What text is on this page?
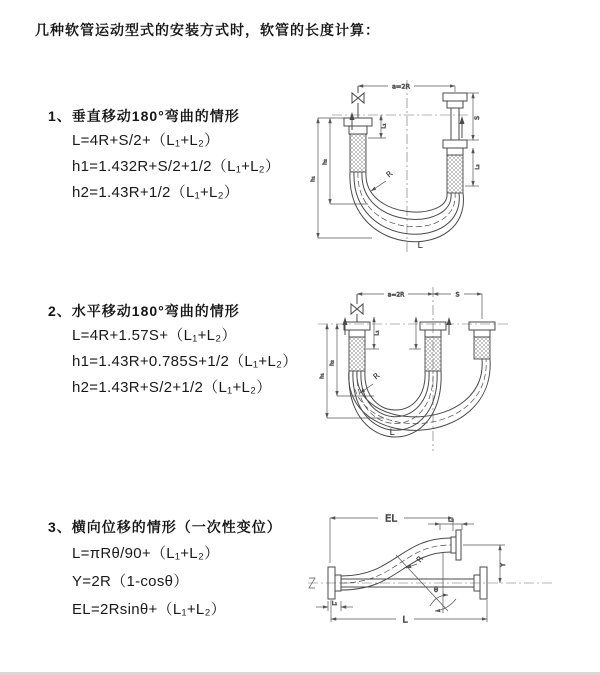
几种软管运动型式的安装方式时，软管的长度计算：
1、垂直移动180°弯曲的情形
L=4R+S/2+（L₁+L₂）
h1=1.432R+S/2+1/2（L₁+L₂）
h2=1.43R+1/2（L₁+L₂）
2、水平移动180°弯曲的情形
L=4R+1.57S+（L₁+L₂）
h1=1.43R+0.785S+1/2（L₁+L₂）
h2=1.43R+S/2+1/2（L₁+L₂）
3、横向位移的情形（一次性变位）
L=πRθ/90+（L₁+L₂）
Y=2R（1-cosθ）
EL=2Rsinθ+（L₁+L₂）
a=2R
S
L₂
h₁
h₂
L₁
R
L
a=2R	S
h₁
h₂
L₁
R
L
EL	L₂
Y
R
θ
L
L₁
